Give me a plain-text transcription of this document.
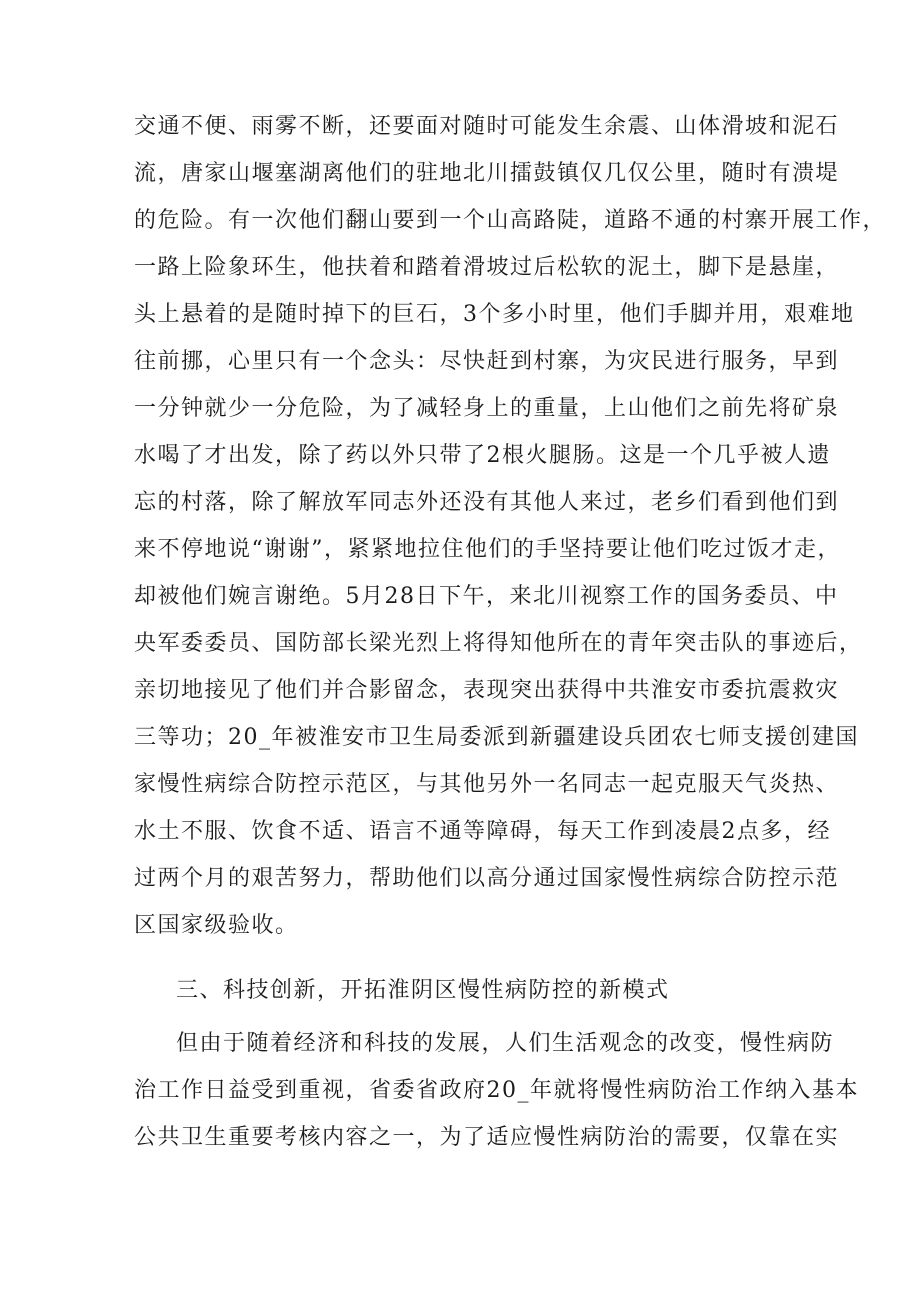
交通不便、雨雾不断，还要面对随时可能发生余震、山体滑坡和泥石

流，唐家山堰塞湖离他们的驻地北川擂鼓镇仅几仅公里，随时有溃堤

的危险。有一次他们翻山要到一个山高路陡，道路不通的村寨开展工作，

一路上险象环生，他扶着和踏着滑坡过后松软的泥土，脚下是悬崖，

头上悬着的是随时掉下的巨石，3个多小时里，他们手脚并用，艰难地

往前挪，心里只有一个念头：尽快赶到村寨，为灾民进行服务，早到

一分钟就少一分危险，为了减轻身上的重量，上山他们之前先将矿泉

水喝了才出发，除了药以外只带了2根火腿肠。这是一个几乎被人遗

忘的村落，除了解放军同志外还没有其他人来过，老乡们看到他们到

来不停地说“谢谢”，紧紧地拉住他们的手坚持要让他们吃过饭才走，

却被他们婉言谢绝。5月28日下午，来北川视察工作的国务委员、中

央军委委员、国防部长梁光烈上将得知他所在的青年突击队的事迹后，

亲切地接见了他们并合影留念，表现突出获得中共淮安市委抗震救灾

三等功；20_年被淮安市卫生局委派到新疆建设兵团农七师支援创建国

家慢性病综合防控示范区，与其他另外一名同志一起克服天气炎热、

水土不服、饮食不适、语言不通等障碍，每天工作到凌晨2点多，经

过两个月的艰苦努力，帮助他们以高分通过国家慢性病综合防控示范

区国家级验收。

三、科技创新，开拓淮阴区慢性病防控的新模式

但由于随着经济和科技的发展，人们生活观念的改变，慢性病防

治工作日益受到重视，省委省政府20_年就将慢性病防治工作纳入基本

公共卫生重要考核内容之一，为了适应慢性病防治的需要，仅靠在实
